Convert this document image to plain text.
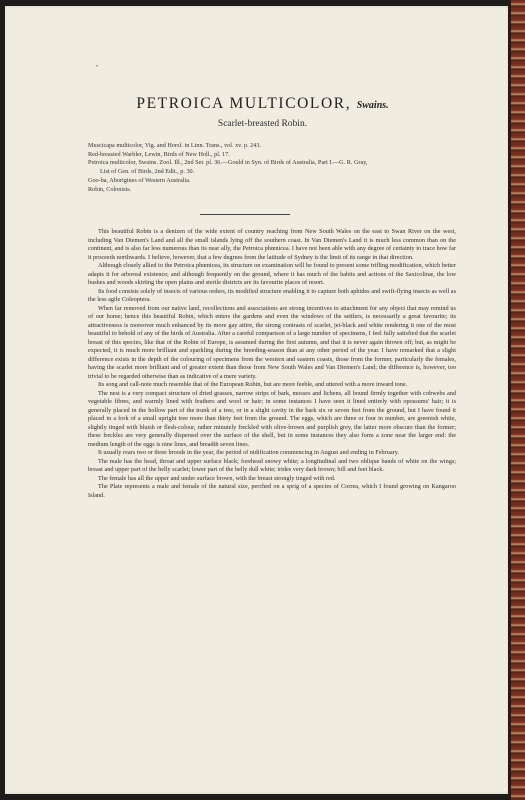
•
PETROICA MULTICOLOR, Swains.
Scarlet-breasted Robin.
Muscicapa multicolor, Vig. and Horsf. in Linn. Trans., vol. xv. p. 243.
Red-breasted Warbler, Lewin, Birds of New Holl., pl. 17.
Petroica multicolor, Swains. Zool. Ill., 2nd Ser. pl. 36.—Gould in Syn. of Birds of Australia, Part I.—G. R. Gray,
List of Gen. of Birds, 2nd Edit., p. 30.
Goo-ba, Aborigines of Western Australia.
Robin, Colonists.

This beautiful Robin is a denizen of the wide extent of country reaching from New South Wales on the east to Swan River on the west, including Van Diemen's Land and all the small islands lying off the southern coast. In Van Diemen's Land it is much less common than on the continent, and is also far less numerous than its near ally, the Petroica phœnicea. I have not been able with any degree of certainty to trace how far it proceeds northwards. I believe, however, that a few degrees from the latitude of Sydney is the limit of its range in that direction.

Although closely allied to the Petroica phœnicea, its structure on examination will be found to present some trifling modification, which better adapts it for arboreal existence; and although frequently on the ground, where it has much of the habits and actions of the Saxicolinæ, the low bushes and woods skirting the open plains and sterile districts are its favourite places of resort.

Its food consists solely of insects of various orders, its modified structure enabling it to capture both aphides and swift-flying insects as well as the less agile Coleoptera.

When far removed from our native land, recollections and associations are strong incentives to attachment for any object that may remind us of our home; hence this beautiful Robin, which enters the gardens and even the windows of the settlers, is necessarily a great favourite; its attractiveness is moreover much enhanced by its more gay attire, the strong contrasts of scarlet, jet-black and white rendering it one of the most beautiful to behold of any of the birds of Australia. After a careful comparison of a large number of specimens, I feel fully satisfied that the scarlet breast of this species, like that of the Robin of Europe, is assumed during the first autumn, and that it is never again thrown off; but, as might be expected, it is much more brilliant and sparkling during the breeding-season than at any other period of the year. I have remarked that a slight difference exists in the depth of the colouring of specimens from the western and eastern coasts, those from the former, particularly the females, having the scarlet more brilliant and of greater extent than those from New South Wales and Van Diemen's Land; the difference is, however, too trivial to be regarded otherwise than as indicative of a mere variety.

Its song and call-note much resemble that of the European Robin, but are more feeble, and uttered with a more inward tone.

The nest is a very compact structure of dried grasses, narrow strips of bark, mosses and lichens, all bound firmly together with cobwebs and vegetable fibres, and warmly lined with feathers and wool or hair; in some instances I have seen it lined entirely with opossums' hair; it is generally placed in the hollow part of the trunk of a tree, or in a slight cavity in the bark six or seven feet from the ground, but I have found it placed in a fork of a small upright tree more than thirty feet from the ground. The eggs, which are three or four in number, are greenish white, slightly tinged with bluish or flesh-colour, rather minutely freckled with olive-brown and purplish grey, the latter more obscure than the former; these freckles are very generally dispersed over the surface of the shell, but in some instances they also form a zone near the larger end: the medium length of the eggs is nine lines, and breadth seven lines.

It usually rears two or three broods in the year, the period of nidification commencing in August and ending in February.

The male has the head, throat and upper surface black; forehead snowy white; a longitudinal and two oblique bands of white on the wings; breast and upper part of the belly scarlet; lower part of the belly dull white; irides very dark brown; bill and feet black.

The female has all the upper and under surface brown, with the breast strongly tinged with red.

The Plate represents a male and female of the natural size, perched on a sprig of a species of Correa, which I found growing on Kangaroo Island.
